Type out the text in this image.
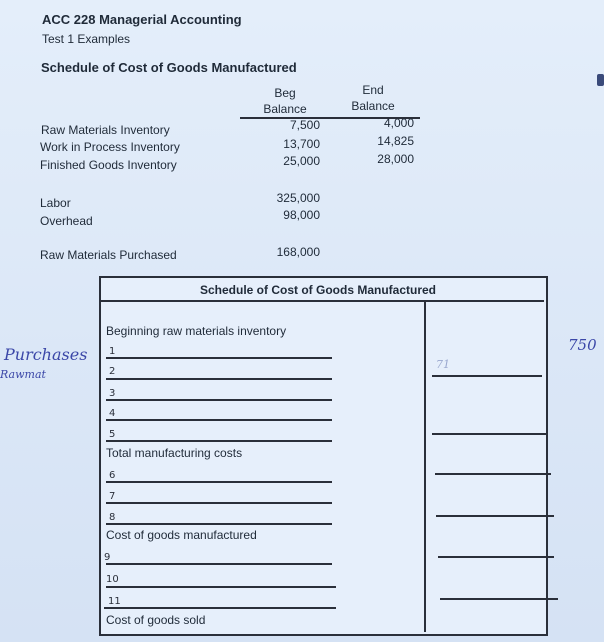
ACC 228 Managerial Accounting
Test 1 Examples
Schedule of Cost of Goods Manufactured
Beg
Balance
End
Balance
Raw Materials Inventory	7,500	4,000
Work in Process Inventory	13,700	14,825
Finished Goods Inventory	25,000	28,000
Labor	325,000
Overhead	98,000
Raw Materials Purchased	168,000
Schedule of Cost of Goods Manufactured
Beginning raw materials inventory
1
2
3
4
5
Total manufacturing costs
6
7
8
Cost of goods manufactured
9
10
11
Cost of goods sold
Purchases
Rawmat
750
71
